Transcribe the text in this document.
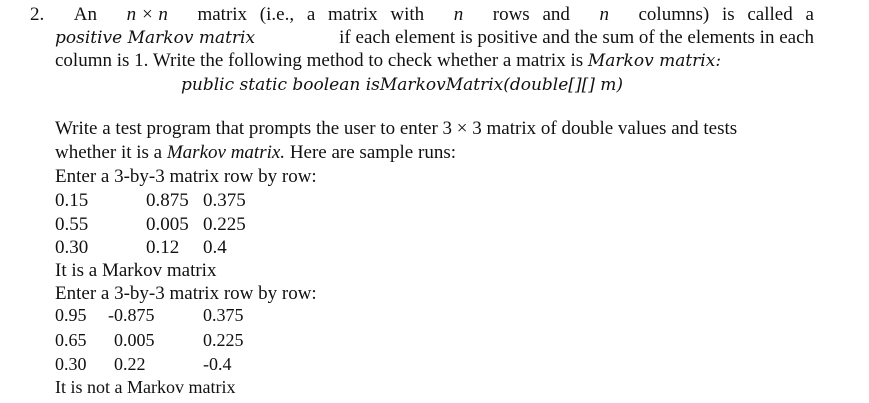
2. An n × n matrix (i.e., a matrix with n rows and n columns) is called a
positive Markov matrix	if each element is positive and the sum of the elements in each
column is 1. Write the following method to check whether a matrix is Markov matrix:
public static boolean isMarkovMatrix(double[][] m)
Write a test program that prompts the user to enter 3 × 3 matrix of double values and tests
whether it is a Markov matrix. Here are sample runs:
Enter a 3-by-3 matrix row by row:
0.15	0.875 0.375
0.55	0.005 0.225
0.30	0.12 0.4
It is a Markov matrix
Enter a 3-by-3 matrix row by row:
0.95 -0.875	0.375
0.65 0.005	0.225
0.30 0.22	-0.4
It is not a Markov matrix
